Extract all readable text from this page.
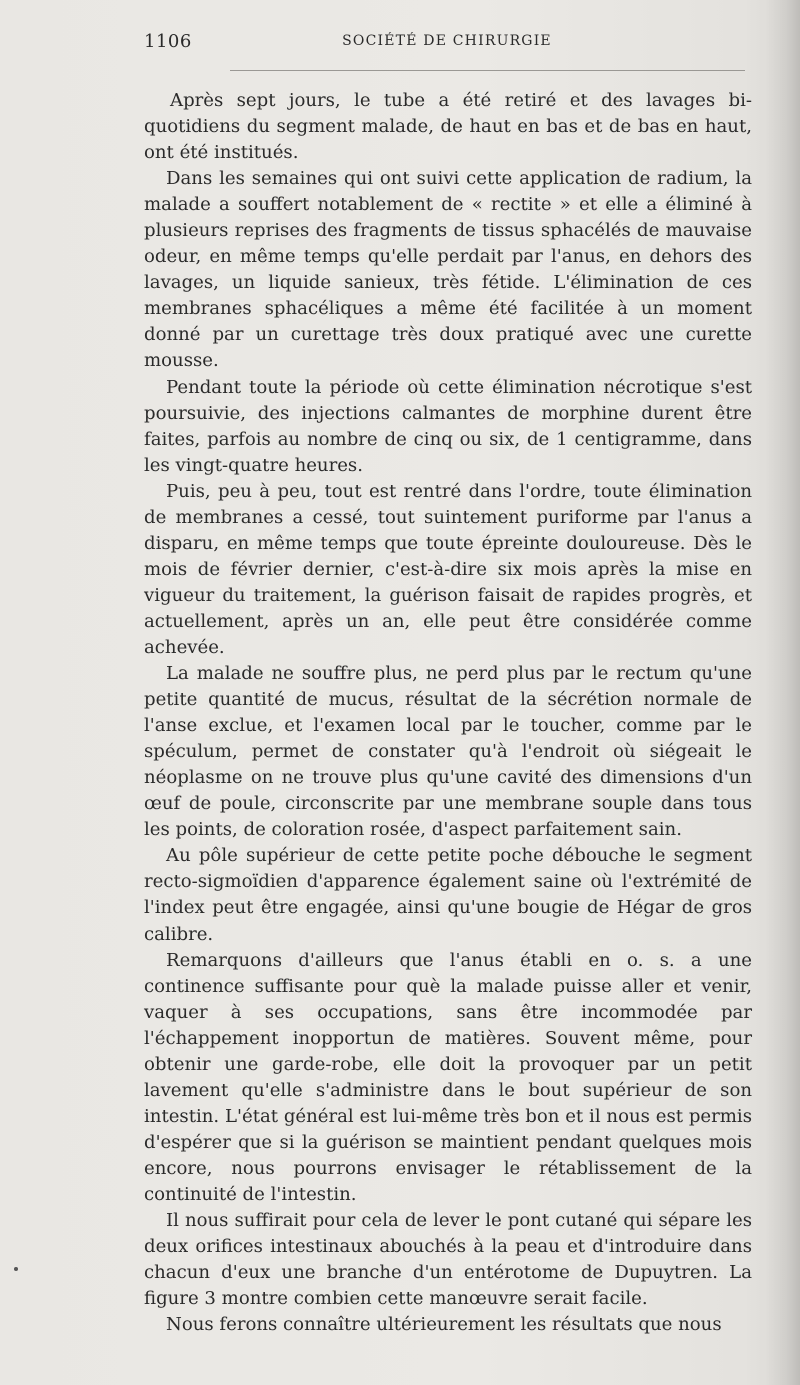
1106	SOCIÉTÉ DE CHIRURGIE

Après sept jours, le tube a été retiré et des lavages bi-quotidiens du segment malade, de haut en bas et de bas en haut, ont été institués.

Dans les semaines qui ont suivi cette application de radium, la malade a souffert notablement de « rectite » et elle a éliminé à plusieurs reprises des fragments de tissus sphacélés de mauvaise odeur, en même temps qu'elle perdait par l'anus, en dehors des lavages, un liquide sanieux, très fétide. L'élimination de ces membranes sphacéliques a même été facilitée à un moment donné par un curettage très doux pratiqué avec une curette mousse.

Pendant toute la période où cette élimination nécrotique s'est poursuivie, des injections calmantes de morphine durent être faites, parfois au nombre de cinq ou six, de 1 centigramme, dans les vingt-quatre heures.

Puis, peu à peu, tout est rentré dans l'ordre, toute élimination de membranes a cessé, tout suintement puriforme par l'anus a disparu, en même temps que toute épreinte douloureuse. Dès le mois de février dernier, c'est-à-dire six mois après la mise en vigueur du traitement, la guérison faisait de rapides progrès, et actuellement, après un an, elle peut être considérée comme achevée.

La malade ne souffre plus, ne perd plus par le rectum qu'une petite quantité de mucus, résultat de la sécrétion normale de l'anse exclue, et l'examen local par le toucher, comme par le spéculum, permet de constater qu'à l'endroit où siégeait le néoplasme on ne trouve plus qu'une cavité des dimensions d'un œuf de poule, circonscrite par une membrane souple dans tous les points, de coloration rosée, d'aspect parfaitement sain.

Au pôle supérieur de cette petite poche débouche le segment recto-sigmoïdien d'apparence également saine où l'extrémité de l'index peut être engagée, ainsi qu'une bougie de Hégar de gros calibre.

Remarquons d'ailleurs que l'anus établi en o. s. a une continence suffisante pour què la malade puisse aller et venir, vaquer à ses occupations, sans être incommodée par l'échappement inopportun de matières. Souvent même, pour obtenir une garde-robe, elle doit la provoquer par un petit lavement qu'elle s'administre dans le bout supérieur de son intestin. L'état général est lui-même très bon et il nous est permis d'espérer que si la guérison se maintient pendant quelques mois encore, nous pourrons envisager le rétablissement de la continuité de l'intestin.

Il nous suffirait pour cela de lever le pont cutané qui sépare les deux orifices intestinaux abouchés à la peau et d'introduire dans chacun d'eux une branche d'un entérotome de Dupuytren. La figure 3 montre combien cette manœuvre serait facile.

Nous ferons connaître ultérieurement les résultats que nous
